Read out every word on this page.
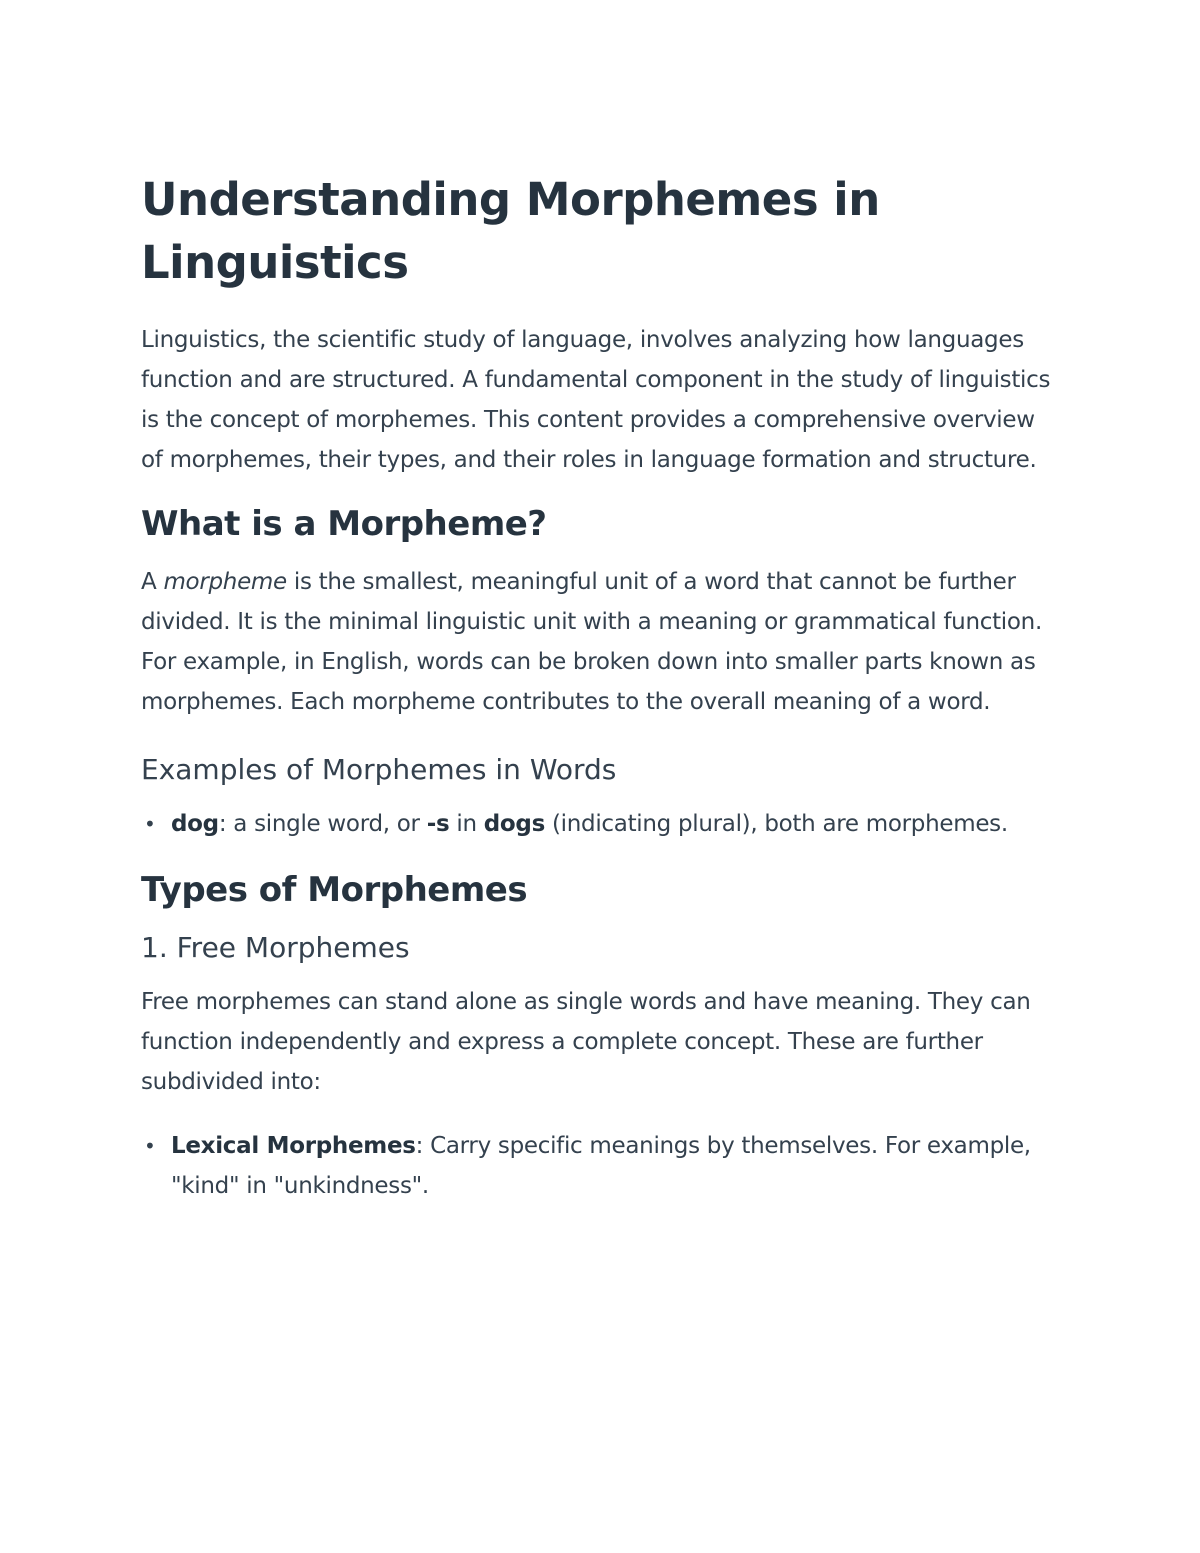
Understanding Morphemes in Linguistics

Linguistics, the scientific study of language, involves analyzing how languages function and are structured. A fundamental component in the study of linguistics is the concept of morphemes. This content provides a comprehensive overview of morphemes, their types, and their roles in language formation and structure.

What is a Morpheme?

A morpheme is the smallest, meaningful unit of a word that cannot be further divided. It is the minimal linguistic unit with a meaning or grammatical function. For example, in English, words can be broken down into smaller parts known as morphemes. Each morpheme contributes to the overall meaning of a word.

Examples of Morphemes in Words
• dog: a single word, or -s in dogs (indicating plural), both are morphemes.
Types of Morphemes
1. Free Morphemes

Free morphemes can stand alone as single words and have meaning. They can function independently and express a complete concept. These are further subdivided into:

• Lexical Morphemes: Carry specific meanings by themselves. For example, "kind" in "unkindness".
